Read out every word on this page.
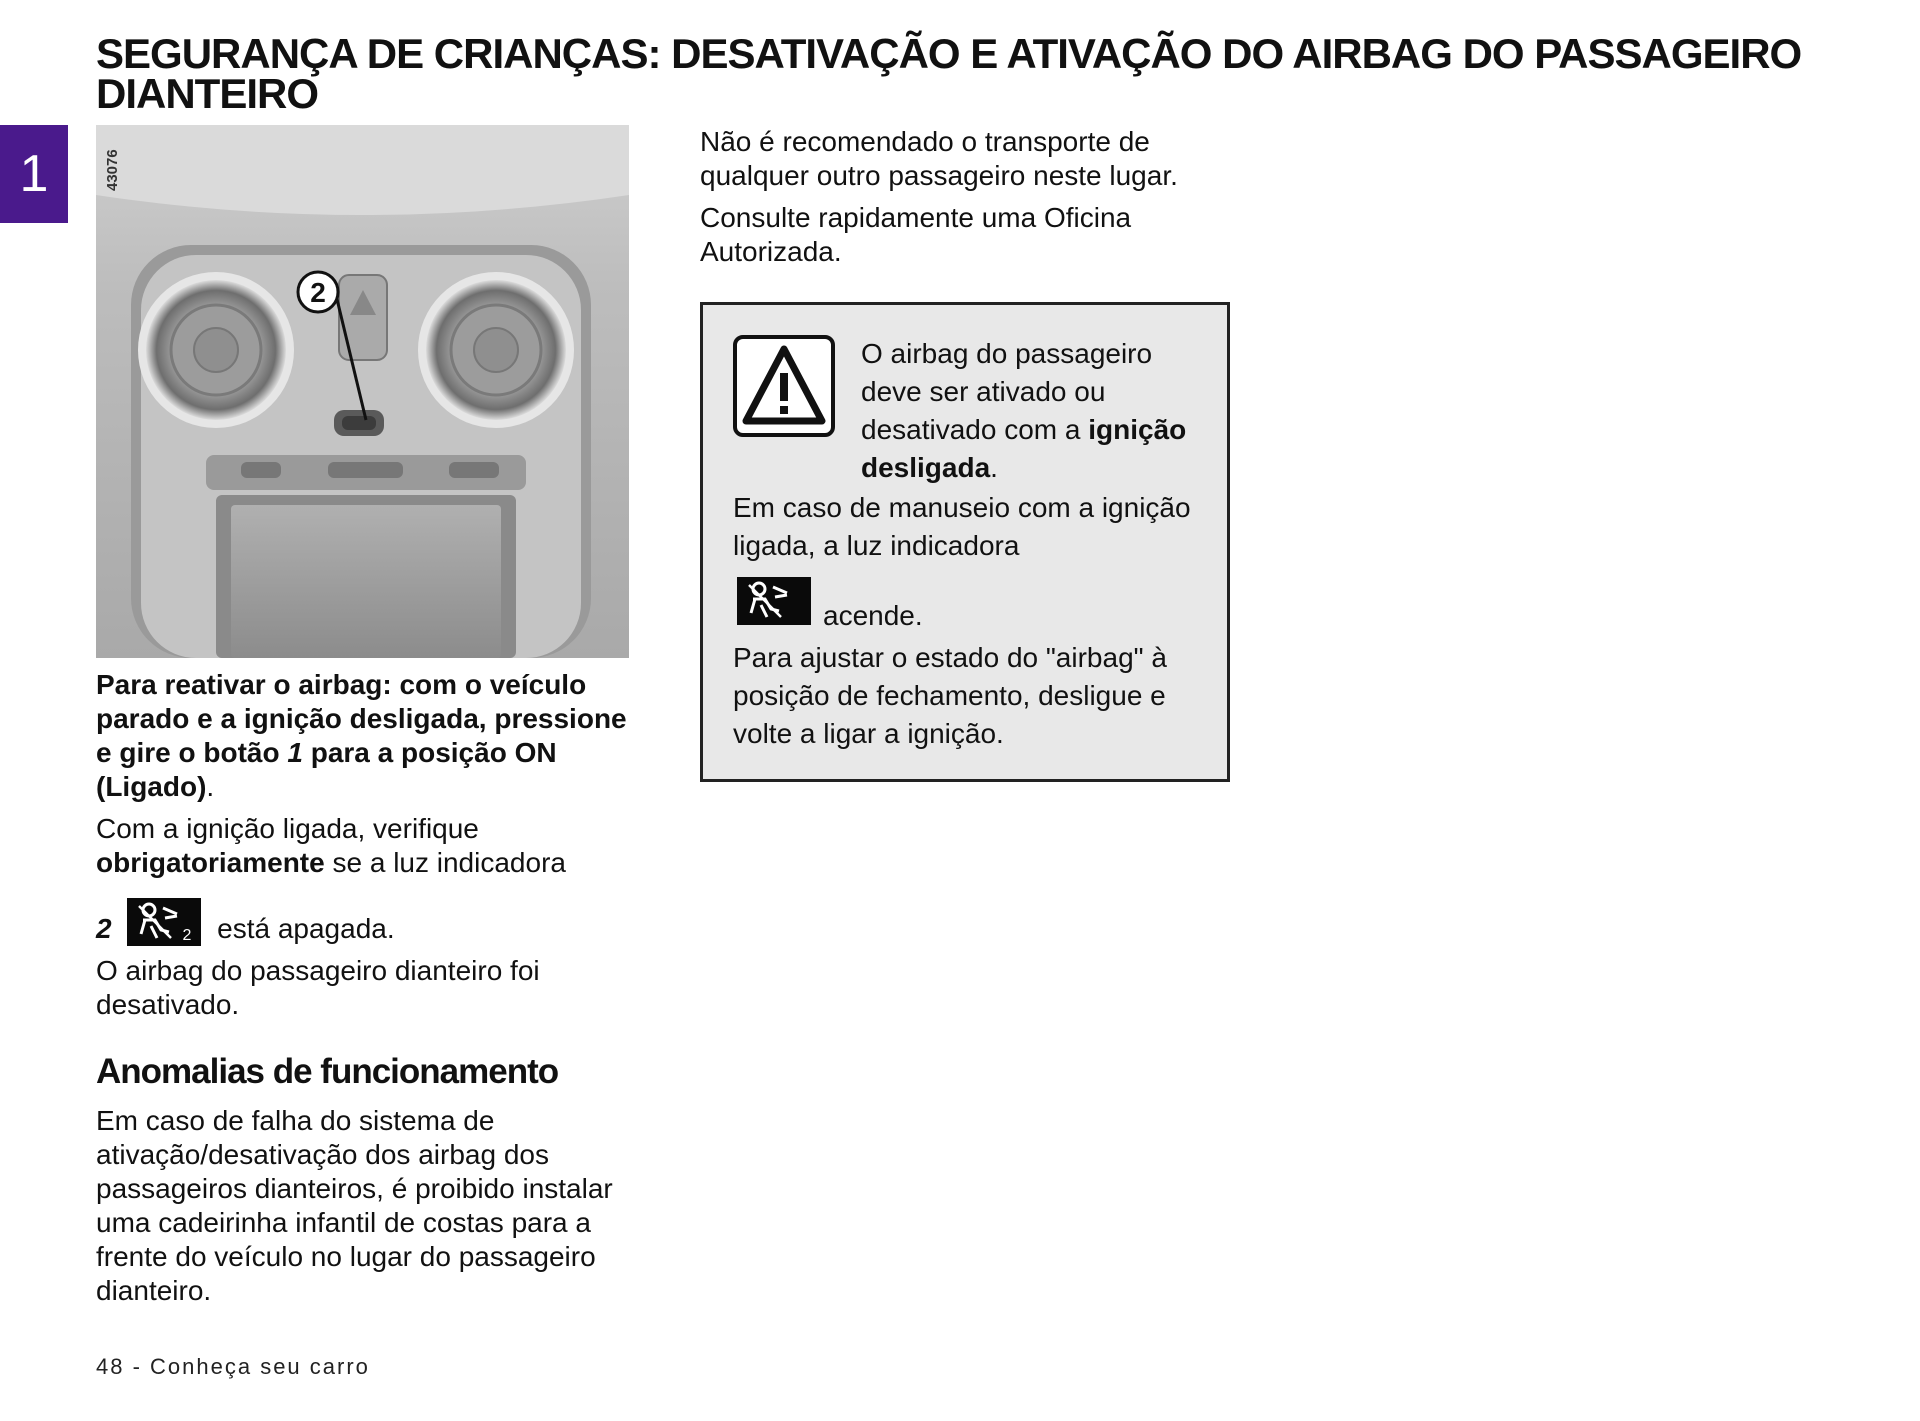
SEGURANÇA DE CRIANÇAS: DESATIVAÇÃO E ATIVAÇÃO DO AIRBAG DO PASSAGEIRO DIANTEIRO
1
2
43076

Para reativar o airbag: com o veículo parado e a ignição desligada, pressione e gire o botão 1 para a posição ON (Ligado).

Com a ignição ligada, verifique obrigatoriamente se a luz indicadora

2	2 está apagada.

O airbag do passageiro dianteiro foi desativado.

Anomalias de funcionamento

Em caso de falha do sistema de ativação/desativação dos airbag dos passageiros dianteiros, é proibido instalar uma cadeirinha infantil de costas para a frente do veículo no lugar do passageiro dianteiro.

Não é recomendado o transporte de qualquer outro passageiro neste lugar.

Consulte rapidamente uma Oficina Autorizada.

O airbag do passageiro deve ser ativado ou desativado com a ignição desligada.
Em caso de manuseio com a ignição ligada, a luz indicadora
acende.
Para ajustar o estado do "airbag" à posição de fechamento, desligue e volte a ligar a ignição.
48 - Conheça seu carro
